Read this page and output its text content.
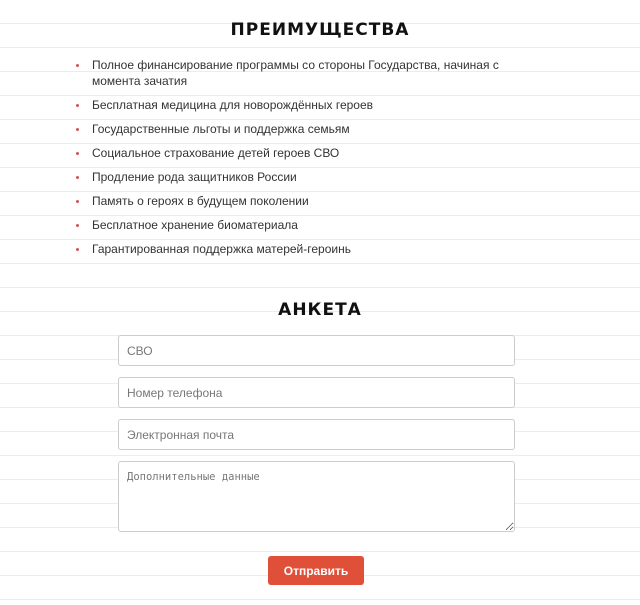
ПРЕИМУЩЕСТВА
Полное финансирование программы со стороны Государства, начиная с момента зачатия
Бесплатная медицина для новорождённых героев
Государственные льготы и поддержка семьям
Социальное страхование детей героев СВО
Продление рода защитников России
Память о героях в будущем поколении
Бесплатное хранение биоматериала
Гарантированная поддержка матерей-героинь
АНКЕТА
СВО
Номер телефона
Электронная почта
Дополнительные данные
Отправить
